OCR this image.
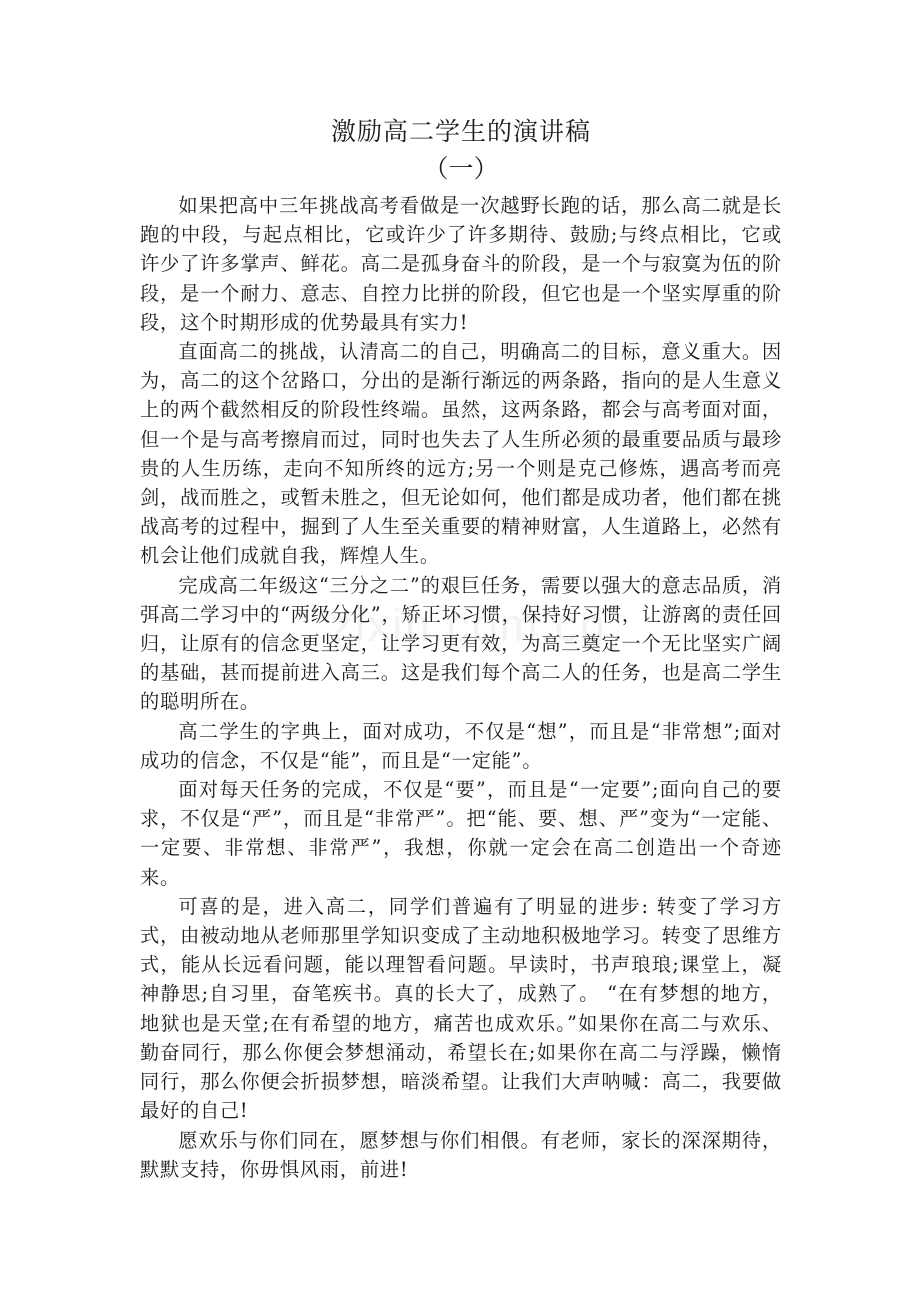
激励高二学生的演讲稿
（一）

如果把高中三年挑战高考看做是一次越野长跑的话，那么高二就是长跑的中段，与起点相比，它或许少了许多期待、鼓励;与终点相比，它或许少了许多掌声、鲜花。高二是孤身奋斗的阶段，是一个与寂寞为伍的阶段，是一个耐力、意志、自控力比拼的阶段，但它也是一个坚实厚重的阶段，这个时期形成的优势最具有实力!

直面高二的挑战，认清高二的自己，明确高二的目标，意义重大。因为，高二的这个岔路口，分出的是渐行渐远的两条路，指向的是人生意义上的两个截然相反的阶段性终端。虽然，这两条路，都会与高考面对面，但一个是与高考擦肩而过，同时也失去了人生所必须的最重要品质与最珍贵的人生历练，走向不知所终的远方;另一个则是克己修炼，遇高考而亮剑，战而胜之，或暂未胜之，但无论如何，他们都是成功者，他们都在挑战高考的过程中，掘到了人生至关重要的精神财富，人生道路上，必然有机会让他们成就自我，辉煌人生。

完成高二年级这“三分之二”的艰巨任务，需要以强大的意志品质，消弭高二学习中的“两级分化”，矫正坏习惯，保持好习惯，让游离的责任回归，让原有的信念更坚定，让学习更有效，为高三奠定一个无比坚实广阔的基础，甚而提前进入高三。这是我们每个高二人的任务，也是高二学生的聪明所在。

高二学生的字典上，面对成功，不仅是“想”，而且是“非常想”;面对成功的信念，不仅是“能”，而且是“一定能”。

面对每天任务的完成，不仅是“要”，而且是“一定要”;面向自己的要求，不仅是“严”，而且是“非常严”。把“能、要、想、严”变为“一定能、一定要、非常想、非常严”，我想，你就一定会在高二创造出一个奇迹来。

可喜的是，进入高二，同学们普遍有了明显的进步: 转变了学习方式，由被动地从老师那里学知识变成了主动地积极地学习。转变了思维方式，能从长远看问题，能以理智看问题。早读时，书声琅琅;课堂上，凝神静思;自习里，奋笔疾书。真的长大了，成熟了。 “在有梦想的地方，地狱也是天堂;在有希望的地方，痛苦也成欢乐。”如果你在高二与欢乐、勤奋同行，那么你便会梦想涌动，希望长在;如果你在高二与浮躁，懒惰同行，那么你便会折损梦想，暗淡希望。让我们大声呐喊：高二，我要做最好的自己!

愿欢乐与你们同在，愿梦想与你们相偎。有老师，家长的深深期待，默默支持，你毋惧风雨，前进!
